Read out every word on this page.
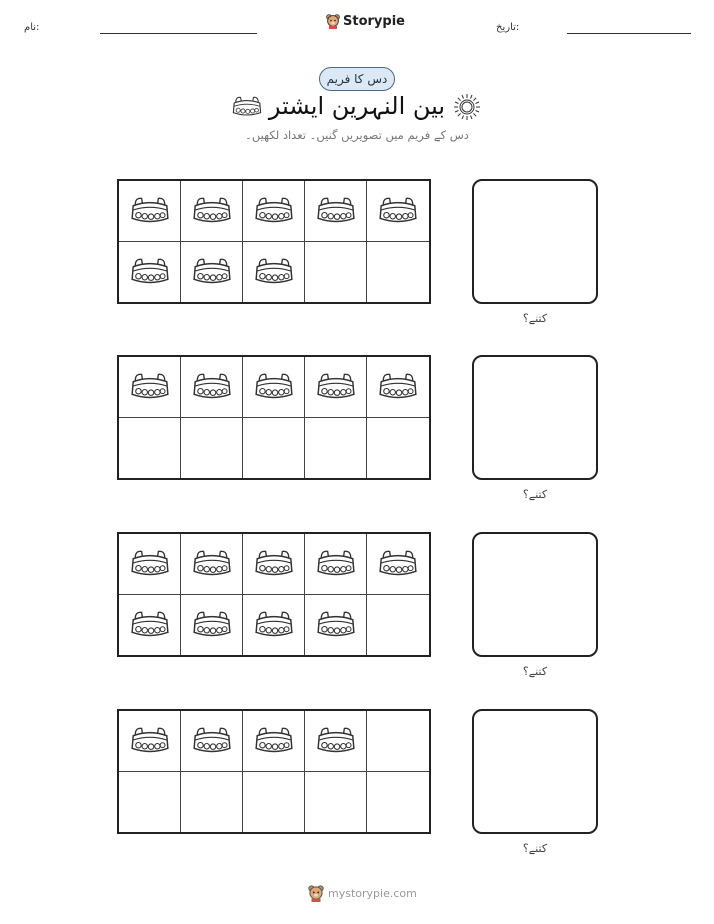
نام:	Storypie	تاریخ:
دس کا فریم
بین النہرین ایشتر
دس کے فریم میں تصویریں گنیں۔ تعداد لکھیں۔
کتنے؟
کتنے؟
کتنے؟
کتنے؟
mystorypie.com
